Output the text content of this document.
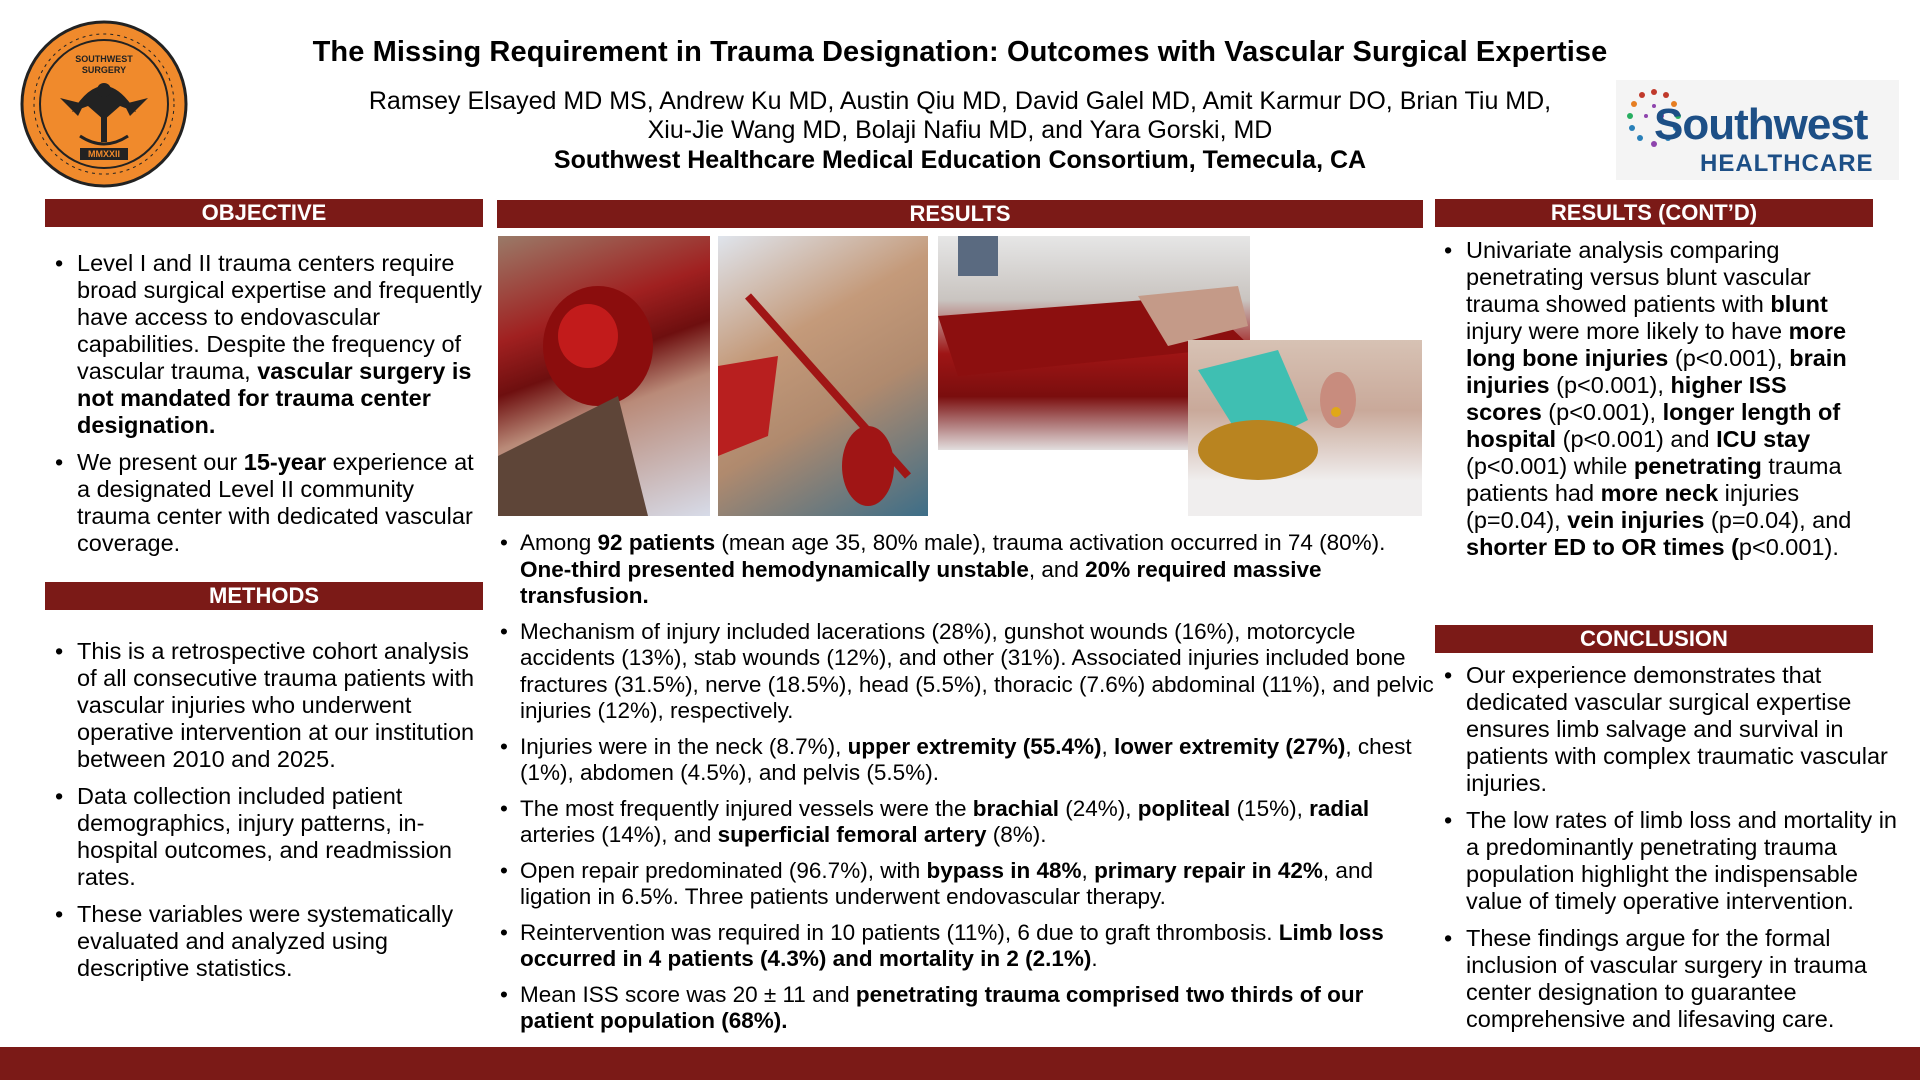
SOUTHWEST
SURGERY
MMXXII
Southwest
HEALTHCARE
The Missing Requirement in Trauma Designation: Outcomes with Vascular Surgical Expertise
Ramsey Elsayed MD MS, Andrew Ku MD, Austin Qiu MD, David Galel MD, Amit Karmur DO, Brian Tiu MD,
Xiu-Jie Wang MD, Bolaji Nafiu MD, and Yara Gorski, MD
Southwest Healthcare Medical Education Consortium, Temecula, CA
OBJECTIVE
• Level I and II trauma centers require broad surgical expertise and frequently have access to endovascular capabilities. Despite the frequency of vascular trauma, vascular surgery is not mandated for trauma center designation.
• We present our 15-year experience at a designated Level II community trauma center with dedicated vascular coverage.
METHODS
• This is a retrospective cohort analysis of all consecutive trauma patients with vascular injuries who underwent operative intervention at our institution between 2010 and 2025.
• Data collection included patient demographics, injury patterns, in-hospital outcomes, and readmission rates.
• These variables were systematically evaluated and analyzed using descriptive statistics.
RESULTS
• Among 92 patients (mean age 35, 80% male), trauma activation occurred in 74 (80%). One-third presented hemodynamically unstable, and 20% required massive transfusion.
• Mechanism of injury included lacerations (28%), gunshot wounds (16%), motorcycle accidents (13%), stab wounds (12%), and other (31%). Associated injuries included bone fractures (31.5%), nerve (18.5%), head (5.5%), thoracic (7.6%) abdominal (11%), and pelvic injuries (12%), respectively.
• Injuries were in the neck (8.7%), upper extremity (55.4%), lower extremity (27%), chest (1%), abdomen (4.5%), and pelvis (5.5%).
• The most frequently injured vessels were the brachial (24%), popliteal (15%), radial arteries (14%), and superficial femoral artery (8%).
• Open repair predominated (96.7%), with bypass in 48%, primary repair in 42%, and ligation in 6.5%. Three patients underwent endovascular therapy.
• Reintervention was required in 10 patients (11%), 6 due to graft thrombosis. Limb loss occurred in 4 patients (4.3%) and mortality in 2 (2.1%).
• Mean ISS score was 20 ± 11 and penetrating trauma comprised two thirds of our patient population (68%).
RESULTS (CONT’D)
• Univariate analysis comparing penetrating versus blunt vascular trauma showed patients with blunt injury were more likely to have more long bone injuries (p<0.001), brain injuries (p<0.001), higher ISS scores (p<0.001), longer length of hospital (p<0.001) and ICU stay (p<0.001) while penetrating trauma patients had more neck injuries (p=0.04), vein injuries (p=0.04), and shorter ED to OR times (p<0.001).
CONCLUSION
• Our experience demonstrates that dedicated vascular surgical expertise ensures limb salvage and survival in patients with complex traumatic vascular injuries.
• The low rates of limb loss and mortality in a predominantly penetrating trauma population highlight the indispensable value of timely operative intervention.
• These findings argue for the formal inclusion of vascular surgery in trauma center designation to guarantee comprehensive and lifesaving care.
